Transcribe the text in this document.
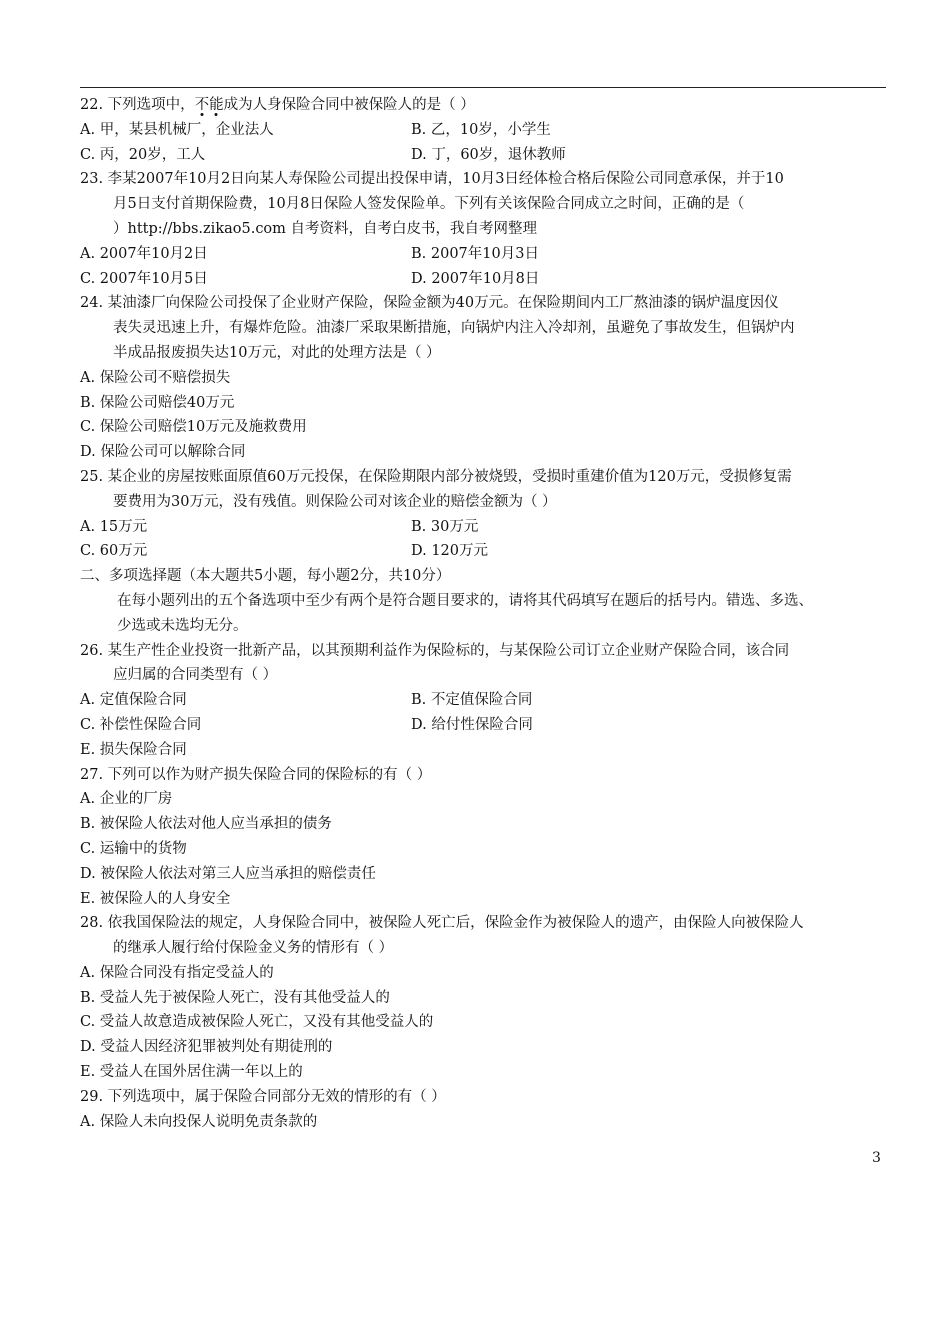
22. 下列选项中，不能成为人身保险合同中被保险人的是（ ）
A. 甲，某县机械厂，企业法人	B. 乙，10岁，小学生
C. 丙，20岁，工人	D. 丁，60岁，退休教师
23. 李某2007年10月2日向某人寿保险公司提出投保申请，10月3日经体检合格后保险公司同意承保，并于10
月5日支付首期保险费，10月8日保险人签发保险单。下列有关该保险合同成立之时间，正确的是（
）http://bbs.zikao5.com 自考资料，自考白皮书，我自考网整理
A. 2007年10月2日	B. 2007年10月3日
C. 2007年10月5日	D. 2007年10月8日
24. 某油漆厂向保险公司投保了企业财产保险，保险金额为40万元。在保险期间内工厂熬油漆的锅炉温度因仪
表失灵迅速上升，有爆炸危险。油漆厂采取果断措施，向锅炉内注入冷却剂，虽避免了事故发生，但锅炉内
半成品报废损失达10万元，对此的处理方法是（ ）
A. 保险公司不赔偿损失
B. 保险公司赔偿40万元
C. 保险公司赔偿10万元及施救费用
D. 保险公司可以解除合同
25. 某企业的房屋按账面原值60万元投保，在保险期限内部分被烧毁，受损时重建价值为120万元，受损修复需
要费用为30万元，没有残值。则保险公司对该企业的赔偿金额为（ ）
A. 15万元	B. 30万元
C. 60万元	D. 120万元
二、多项选择题（本大题共5小题，每小题2分，共10分）
在每小题列出的五个备选项中至少有两个是符合题目要求的，请将其代码填写在题后的括号内。错选、多选、
少选或未选均无分。
26. 某生产性企业投资一批新产品，以其预期利益作为保险标的，与某保险公司订立企业财产保险合同，该合同
应归属的合同类型有（ ）
A. 定值保险合同	B. 不定值保险合同
C. 补偿性保险合同	D. 给付性保险合同
E. 损失保险合同
27. 下列可以作为财产损失保险合同的保险标的有（ ）
A. 企业的厂房
B. 被保险人依法对他人应当承担的债务
C. 运输中的货物
D. 被保险人依法对第三人应当承担的赔偿责任
E. 被保险人的人身安全
28. 依我国保险法的规定，人身保险合同中，被保险人死亡后，保险金作为被保险人的遗产，由保险人向被保险人
的继承人履行给付保险金义务的情形有（ ）
A. 保险合同没有指定受益人的
B. 受益人先于被保险人死亡，没有其他受益人的
C. 受益人故意造成被保险人死亡，又没有其他受益人的
D. 受益人因经济犯罪被判处有期徒刑的
E. 受益人在国外居住满一年以上的
29. 下列选项中，属于保险合同部分无效的情形的有（ ）
A. 保险人未向投保人说明免责条款的
3
